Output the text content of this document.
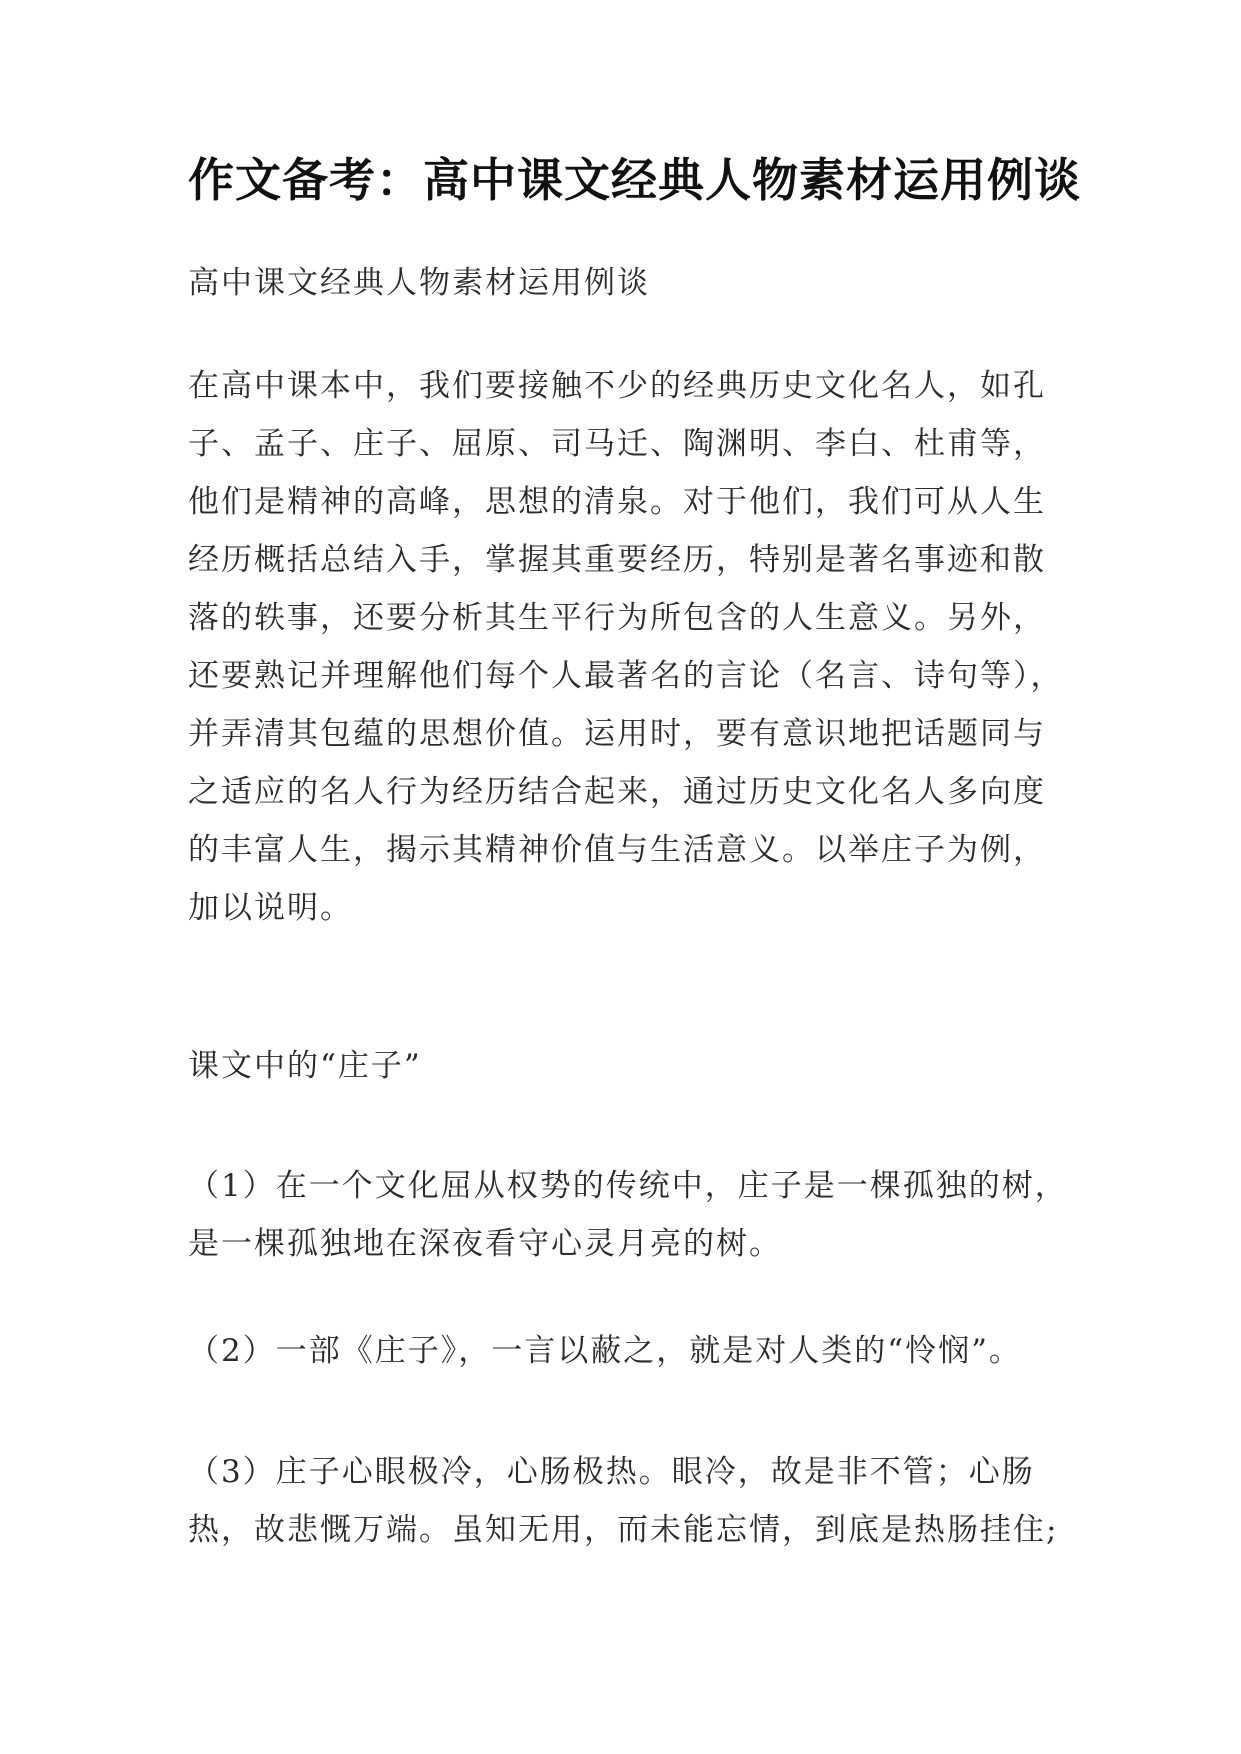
作文备考：高中课文经典人物素材运用例谈

高中课文经典人物素材运用例谈

在高中课本中，我们要接触不少的经典历史文化名人，如孔
子、孟子、庄子、屈原、司马迁、陶渊明、李白、杜甫等，
他们是精神的高峰，思想的清泉。对于他们，我们可从人生
经历概括总结入手，掌握其重要经历，特别是著名事迹和散
落的轶事，还要分析其生平行为所包含的人生意义。另外，
还要熟记并理解他们每个人最著名的言论（名言、诗句等），
并弄清其包蕴的思想价值。运用时，要有意识地把话题同与
之适应的名人行为经历结合起来，通过历史文化名人多向度
的丰富人生，揭示其精神价值与生活意义。以举庄子为例，
加以说明。

课文中的“庄子”

（1）在一个文化屈从权势的传统中，庄子是一棵孤独的树，
是一棵孤独地在深夜看守心灵月亮的树。

（2）一部《庄子》，一言以蔽之，就是对人类的“怜悯”。

（3）庄子心眼极冷，心肠极热。眼冷，故是非不管；心肠
热，故悲慨万端。虽知无用，而未能忘情，到底是热肠挂住;
